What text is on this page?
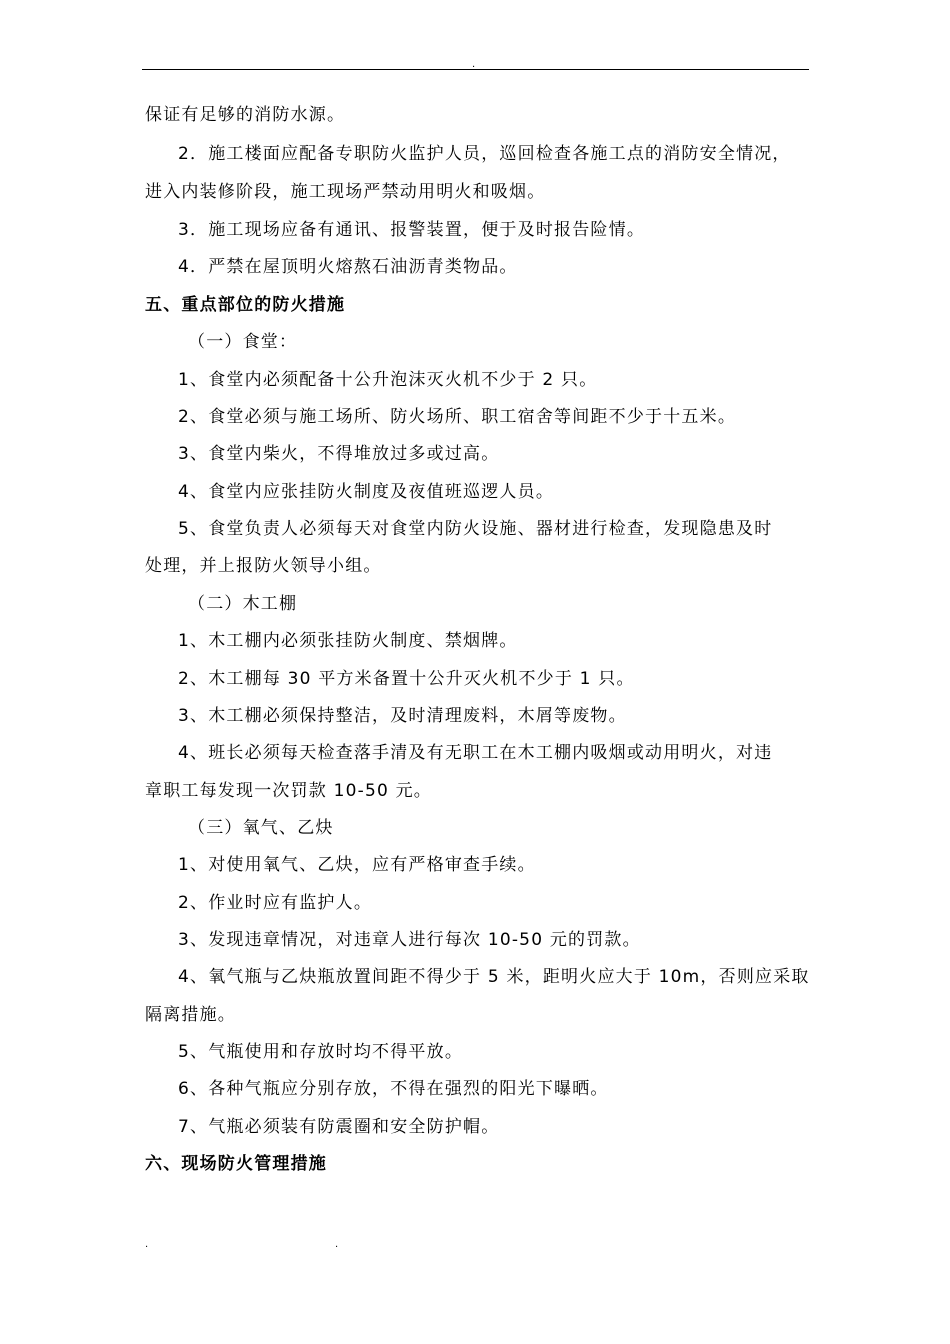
.
保证有足够的消防水源。
2．施工楼面应配备专职防火监护人员，巡回检查各施工点的消防安全情况，
进入内装修阶段，施工现场严禁动用明火和吸烟。
3．施工现场应备有通讯、报警装置，便于及时报告险情。
4．严禁在屋顶明火熔熬石油沥青类物品。
五、重点部位的防火措施
（一）食堂：
1、食堂内必须配备十公升泡沫灭火机不少于 2 只。
2、食堂必须与施工场所、防火场所、职工宿舍等间距不少于十五米。
3、食堂内柴火，不得堆放过多或过高。
4、食堂内应张挂防火制度及夜值班巡逻人员。
5、食堂负责人必须每天对食堂内防火设施、器材进行检查，发现隐患及时
处理，并上报防火领导小组。
（二）木工棚
1、木工棚内必须张挂防火制度、禁烟牌。
2、木工棚每 30 平方米备置十公升灭火机不少于 1 只。
3、木工棚必须保持整洁，及时清理废料，木屑等废物。
4、班长必须每天检查落手清及有无职工在木工棚内吸烟或动用明火，对违
章职工每发现一次罚款 10-50 元。
（三）氧气、乙炔
1、对使用氧气、乙炔，应有严格审查手续。
2、作业时应有监护人。
3、发现违章情况，对违章人进行每次 10-50 元的罚款。
4、氧气瓶与乙炔瓶放置间距不得少于 5 米，距明火应大于 10m，否则应采取
隔离措施。
5、气瓶使用和存放时均不得平放。
6、各种气瓶应分别存放，不得在强烈的阳光下曝晒。
7、气瓶必须装有防震圈和安全防护帽。
六、现场防火管理措施
.	.
